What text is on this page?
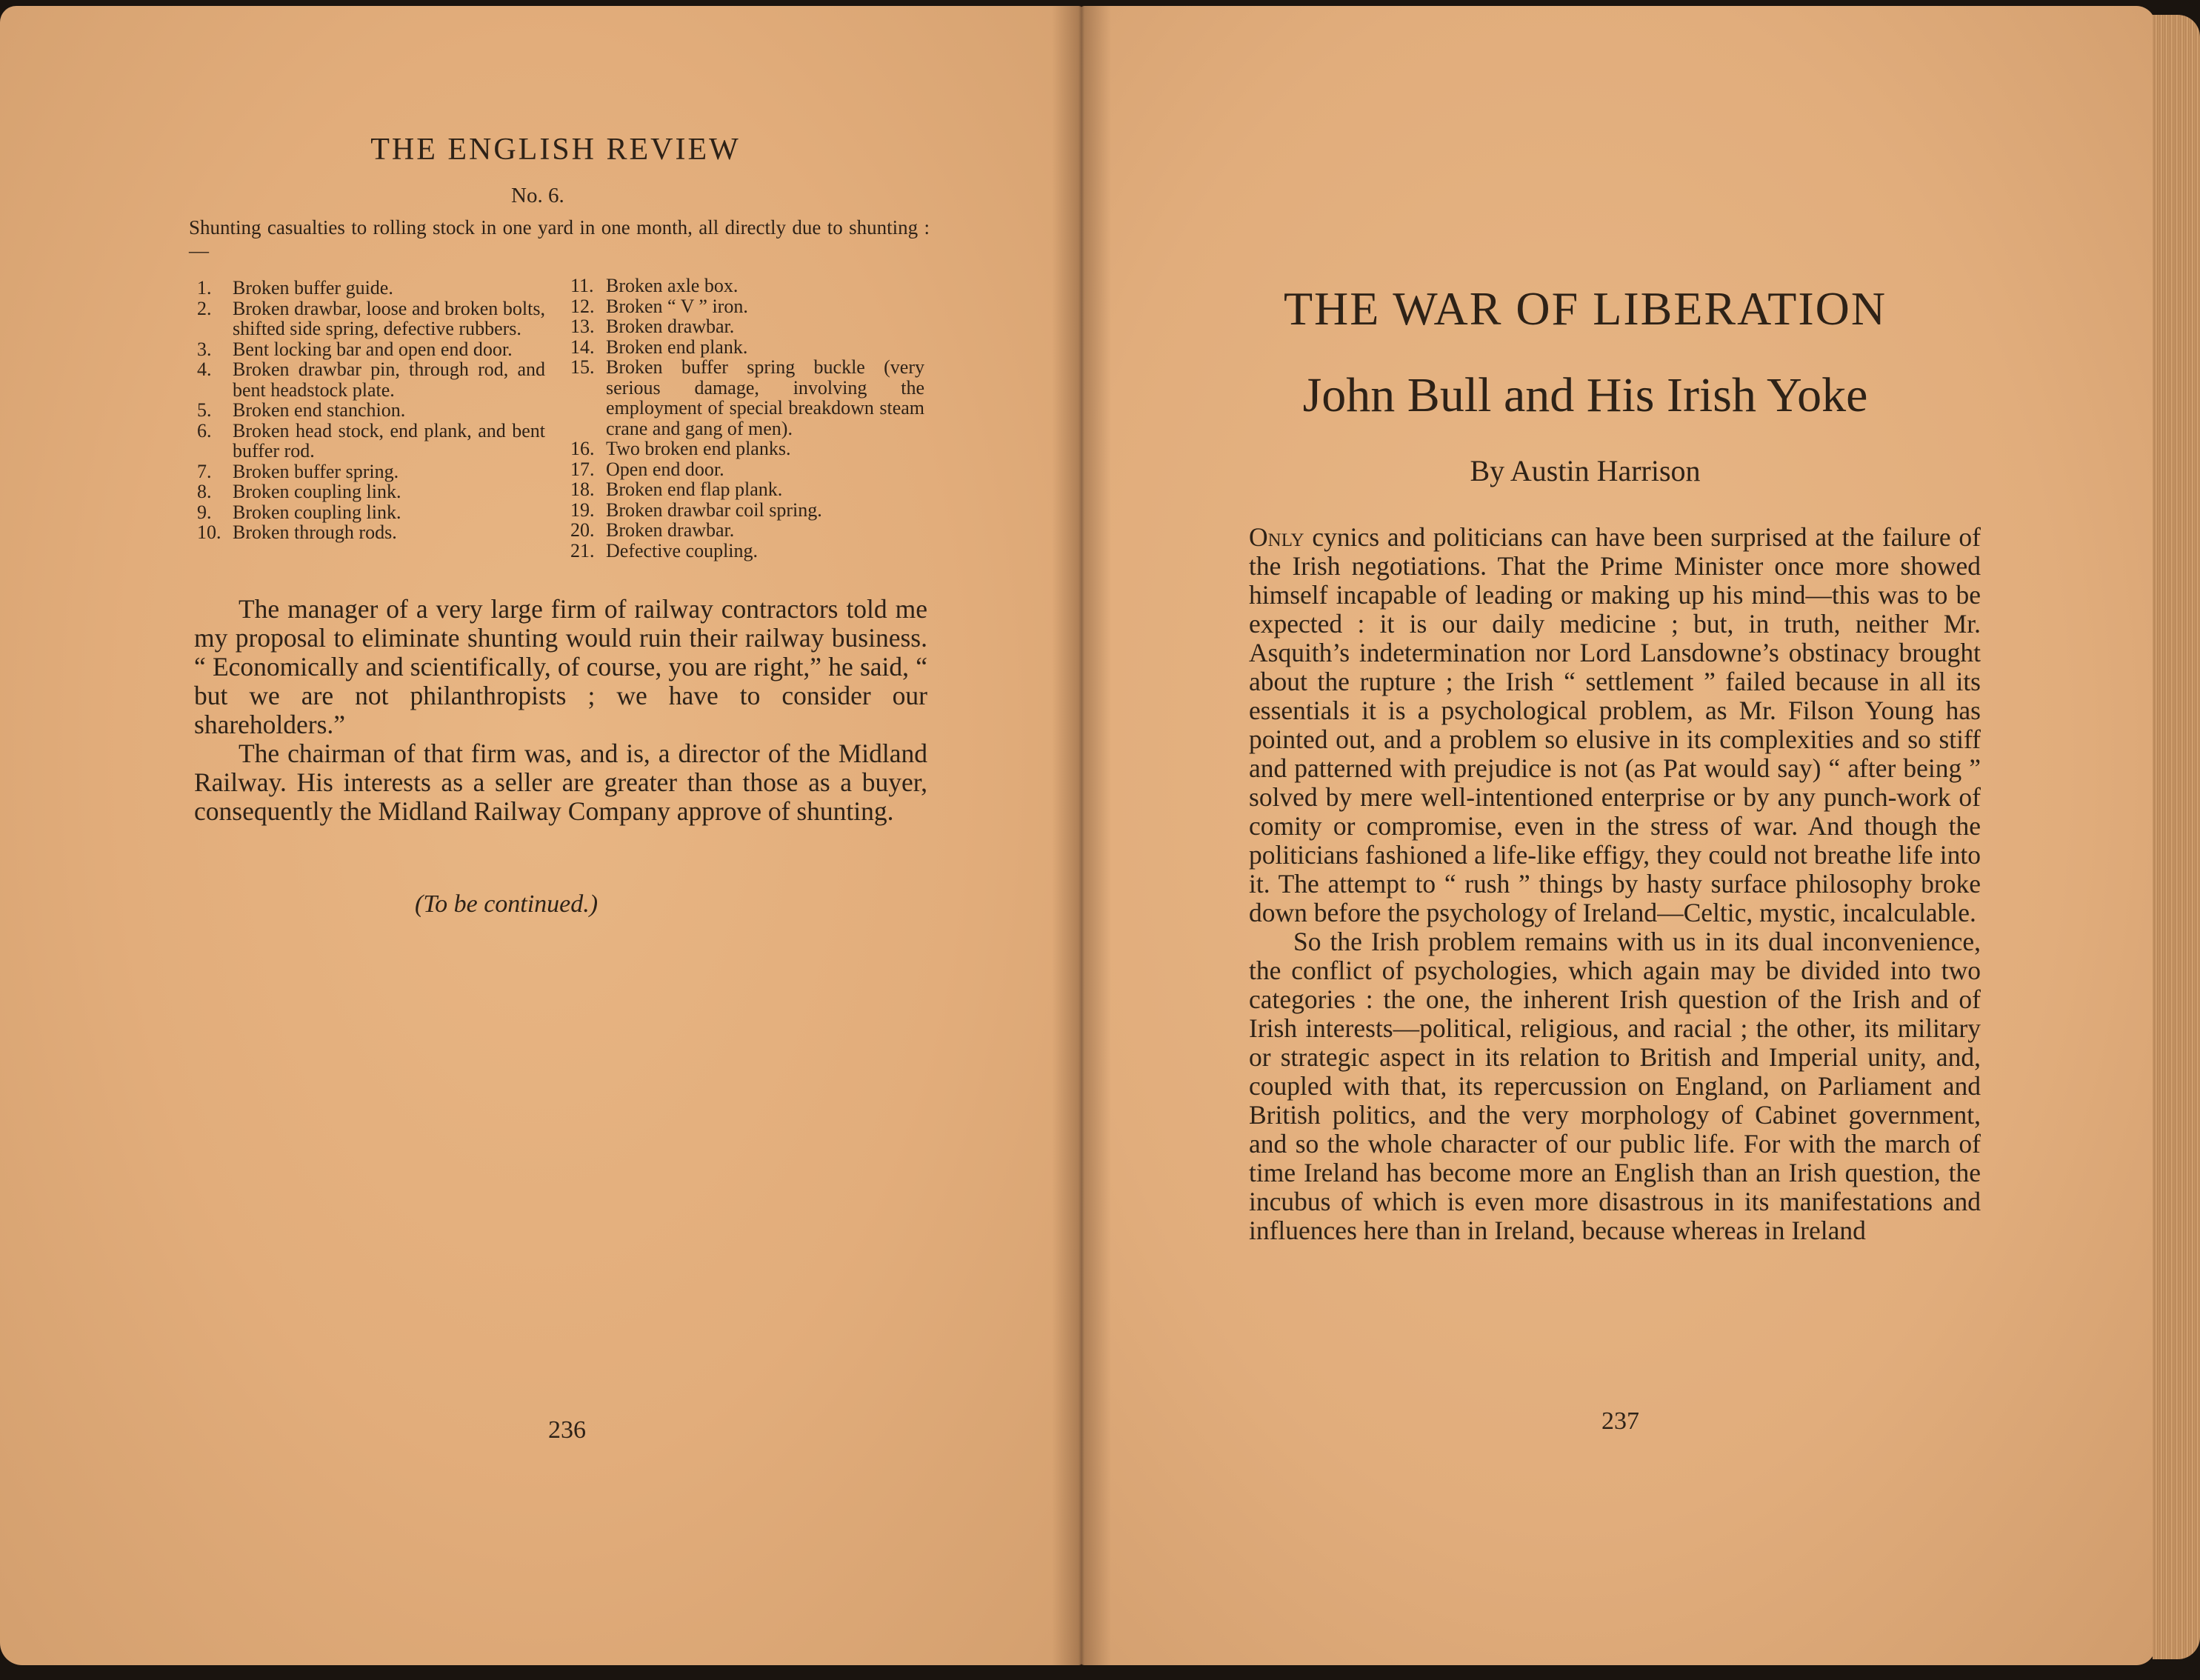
THE ENGLISH REVIEW
No. 6.
Shunting casualties to rolling stock in one yard in one month, all directly due to shunting :—
1.	Broken buffer guide.
2.	Broken drawbar, loose and broken bolts, shifted side spring, defective rubbers.
3.	Bent locking bar and open end door.
4.	Broken drawbar pin, through rod, and bent headstock plate.
5.	Broken end stanchion.
6.	Broken head stock, end plank, and bent buffer rod.
7.	Broken buffer spring.
8.	Broken coupling link.
9.	Broken coupling link.
10. Broken through rods.
11. Broken axle box.
12. Broken “ V ” iron.
13. Broken drawbar.
14. Broken end plank.
15. Broken buffer spring buckle (very serious damage, involving the employment of special breakdown steam crane and gang of men).
16. Two broken end planks.
17. Open end door.
18. Broken end flap plank.
19. Broken drawbar coil spring.
20. Broken drawbar.
21. Defective coupling.

The manager of a very large firm of railway contractors told me my proposal to eliminate shunting would ruin their railway business. “ Economically and scientifically, of course, you are right,” he said, “ but we are not philanthropists ; we have to consider our shareholders.”

The chairman of that firm was, and is, a director of the Midland Railway. His interests as a seller are greater than those as a buyer, consequently the Midland Railway Company approve of shunting.

(To be continued.)
236
THE WAR OF LIBERATION
John Bull and His Irish Yoke
By Austin Harrison

Only cynics and politicians can have been surprised at the failure of the Irish negotiations. That the Prime Minister once more showed himself incapable of leading or making up his mind—this was to be expected : it is our daily medicine ; but, in truth, neither Mr. Asquith’s indetermination nor Lord Lansdowne’s obstinacy brought about the rupture ; the Irish “ settlement ” failed because in all its essentials it is a psychological problem, as Mr. Filson Young has pointed out, and a problem so elusive in its complexities and so stiff and patterned with prejudice is not (as Pat would say) “ after being ” solved by mere well-intentioned enterprise or by any punch-work of comity or compromise, even in the stress of war. And though the politicians fashioned a life-like effigy, they could not breathe life into it. The attempt to “ rush ” things by hasty surface philosophy broke down before the psychology of Ireland—Celtic, mystic, incalculable.

So the Irish problem remains with us in its dual inconvenience, the conflict of psychologies, which again may be divided into two categories : the one, the inherent Irish question of the Irish and of Irish interests—political, religious, and racial ; the other, its military or strategic aspect in its relation to British and Imperial unity, and, coupled with that, its repercussion on England, on Parliament and British politics, and the very morphology of Cabinet government, and so the whole character of our public life. For with the march of time Ireland has become more an English than an Irish question, the incubus of which is even more disastrous in its manifestations and influences here than in Ireland, because whereas in Ireland

237
